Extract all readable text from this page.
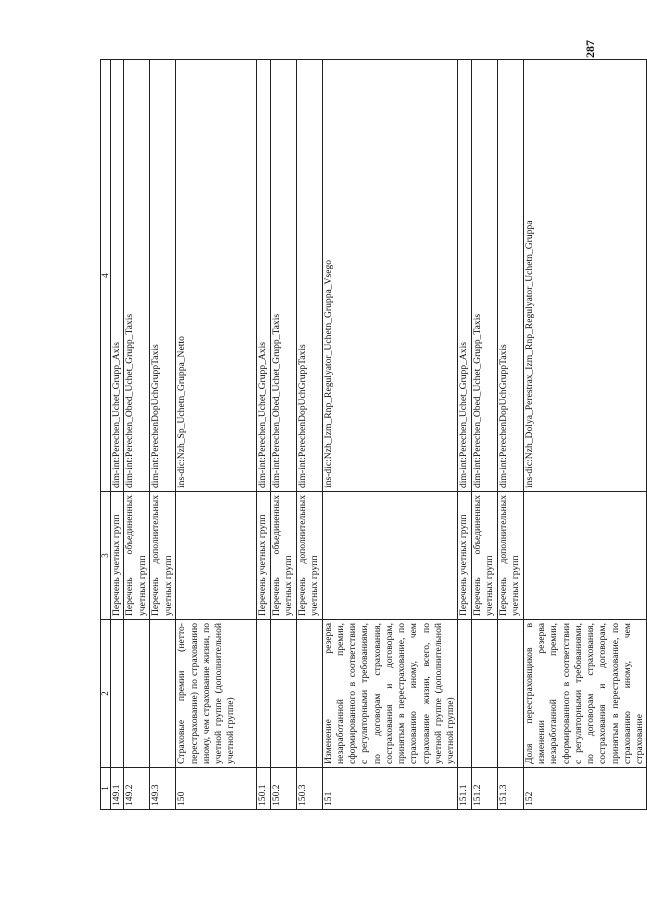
287
1	2	3	4
149.1		Перечень учетных групп	dim-int:Perechen_Uchet_Grupp_Axis
149.2		Перечень объединенных учетных групп	dim-int:Perechen_Obed_Uchet_Grupp_Taxis
149.3		Перечень дополнительных учетных групп	dim-int:PerechenDopUchGruppTaxis
150	Страховые премии (нетто-перестрахование) по страхованию иному, чем страхование жизни, по учетной группе (дополнительной учетной группе)		ins-dic:Nzh_Sp_Uchetn_Gruppa_Netto
150.1		Перечень учетных групп	dim-int:Perechen_Uchet_Grupp_Axis
150.2		Перечень объединенных учетных групп	dim-int:Perechen_Obed_Uchet_Grupp_Taxis
150.3		Перечень дополнительных учетных групп	dim-int:PerechenDopUchGruppTaxis
151	Изменение резерва незаработанной премии, сформированного в соответствии с регуляторными требованиями, по договорам страхования, сострахования и договорам, принятым в перестрахование, по страхованию иному, чем страхование жизни, всего, по учетной группе (дополнительной учетной группе)		ins-dic:Nzh_Izm_Rnp_Regulyator_Uchetn_Gruppa_Vsego
151.1		Перечень учетных групп	dim-int:Perechen_Uchet_Grupp_Axis
151.2		Перечень объединенных учетных групп	dim-int:Perechen_Obed_Uchet_Grupp_Taxis
151.3		Перечень дополнительных учетных групп	dim-int:PerechenDopUchGruppTaxis
152	Доля перестраховщиков в изменении резерва незаработанной премии, сформированного в соответствии с регуляторными требованиями, по договорам страхования, сострахования и договорам, принятым в перестрахование, по страхованию иному, чем страхование		ins-dic:Nzh_Dolya_Perestrax_Izm_Rnp_Regulyator_Uchetn_Gruppa
